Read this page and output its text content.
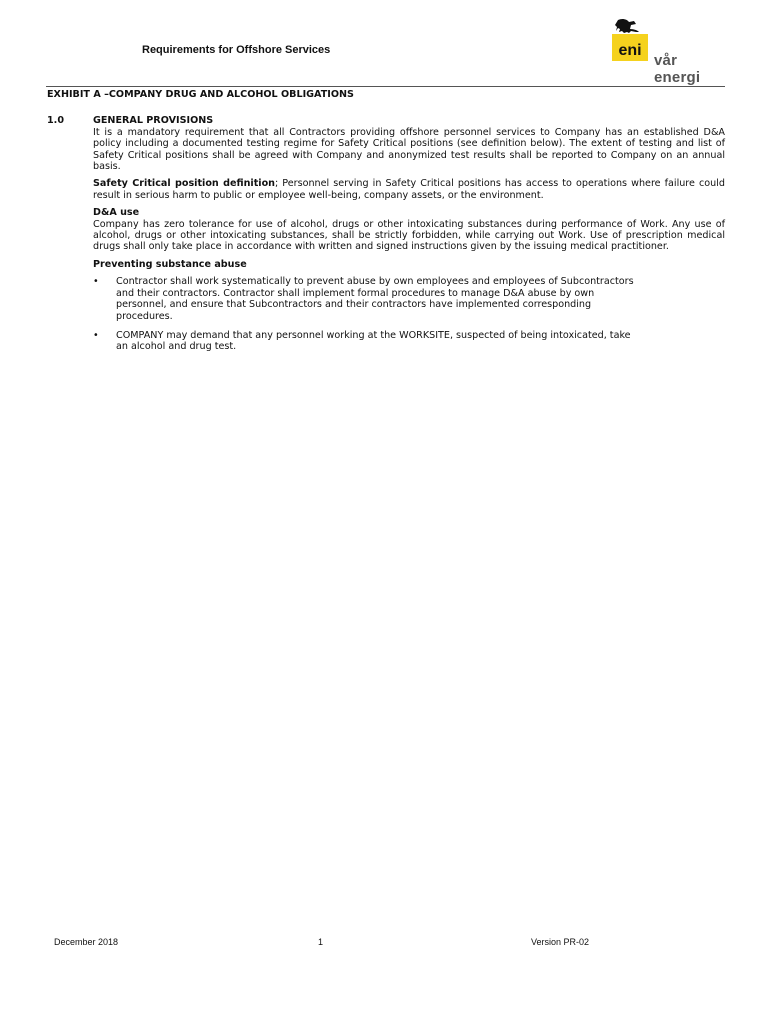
Requirements for Offshore Services	eni
vår energi
EXHIBIT A –COMPANY DRUG AND ALCOHOL OBLIGATIONS
1.0	GENERAL PROVISIONS

It is a mandatory requirement that all Contractors providing offshore personnel services to Company has an established D&A policy including a documented testing regime for Safety Critical positions (see definition below). The extent of testing and list of Safety Critical positions shall be agreed with Company and anonymized test results shall be reported to Company on an annual basis.

Safety Critical position definition; Personnel serving in Safety Critical positions has access to operations where failure could result in serious harm to public or employee well-being, company assets, or the environment.

D&A use

Company has zero tolerance for use of alcohol, drugs or other intoxicating substances during performance of Work. Any use of alcohol, drugs or other intoxicating substances, shall be strictly forbidden, while carrying out Work. Use of prescription medical drugs shall only take place in accordance with written and signed instructions given by the issuing medical practitioner.

Preventing substance abuse
•	Contractor shall work systematically to prevent abuse by own employees and employees of Subcontractors and their contractors. Contractor shall implement formal procedures to manage D&A abuse by own personnel, and ensure that Subcontractors and their contractors have implemented corresponding procedures.
•	COMPANY may demand that any personnel working at the WORKSITE, suspected of being intoxicated, take an alcohol and drug test.
December 2018	1	Version PR-02
